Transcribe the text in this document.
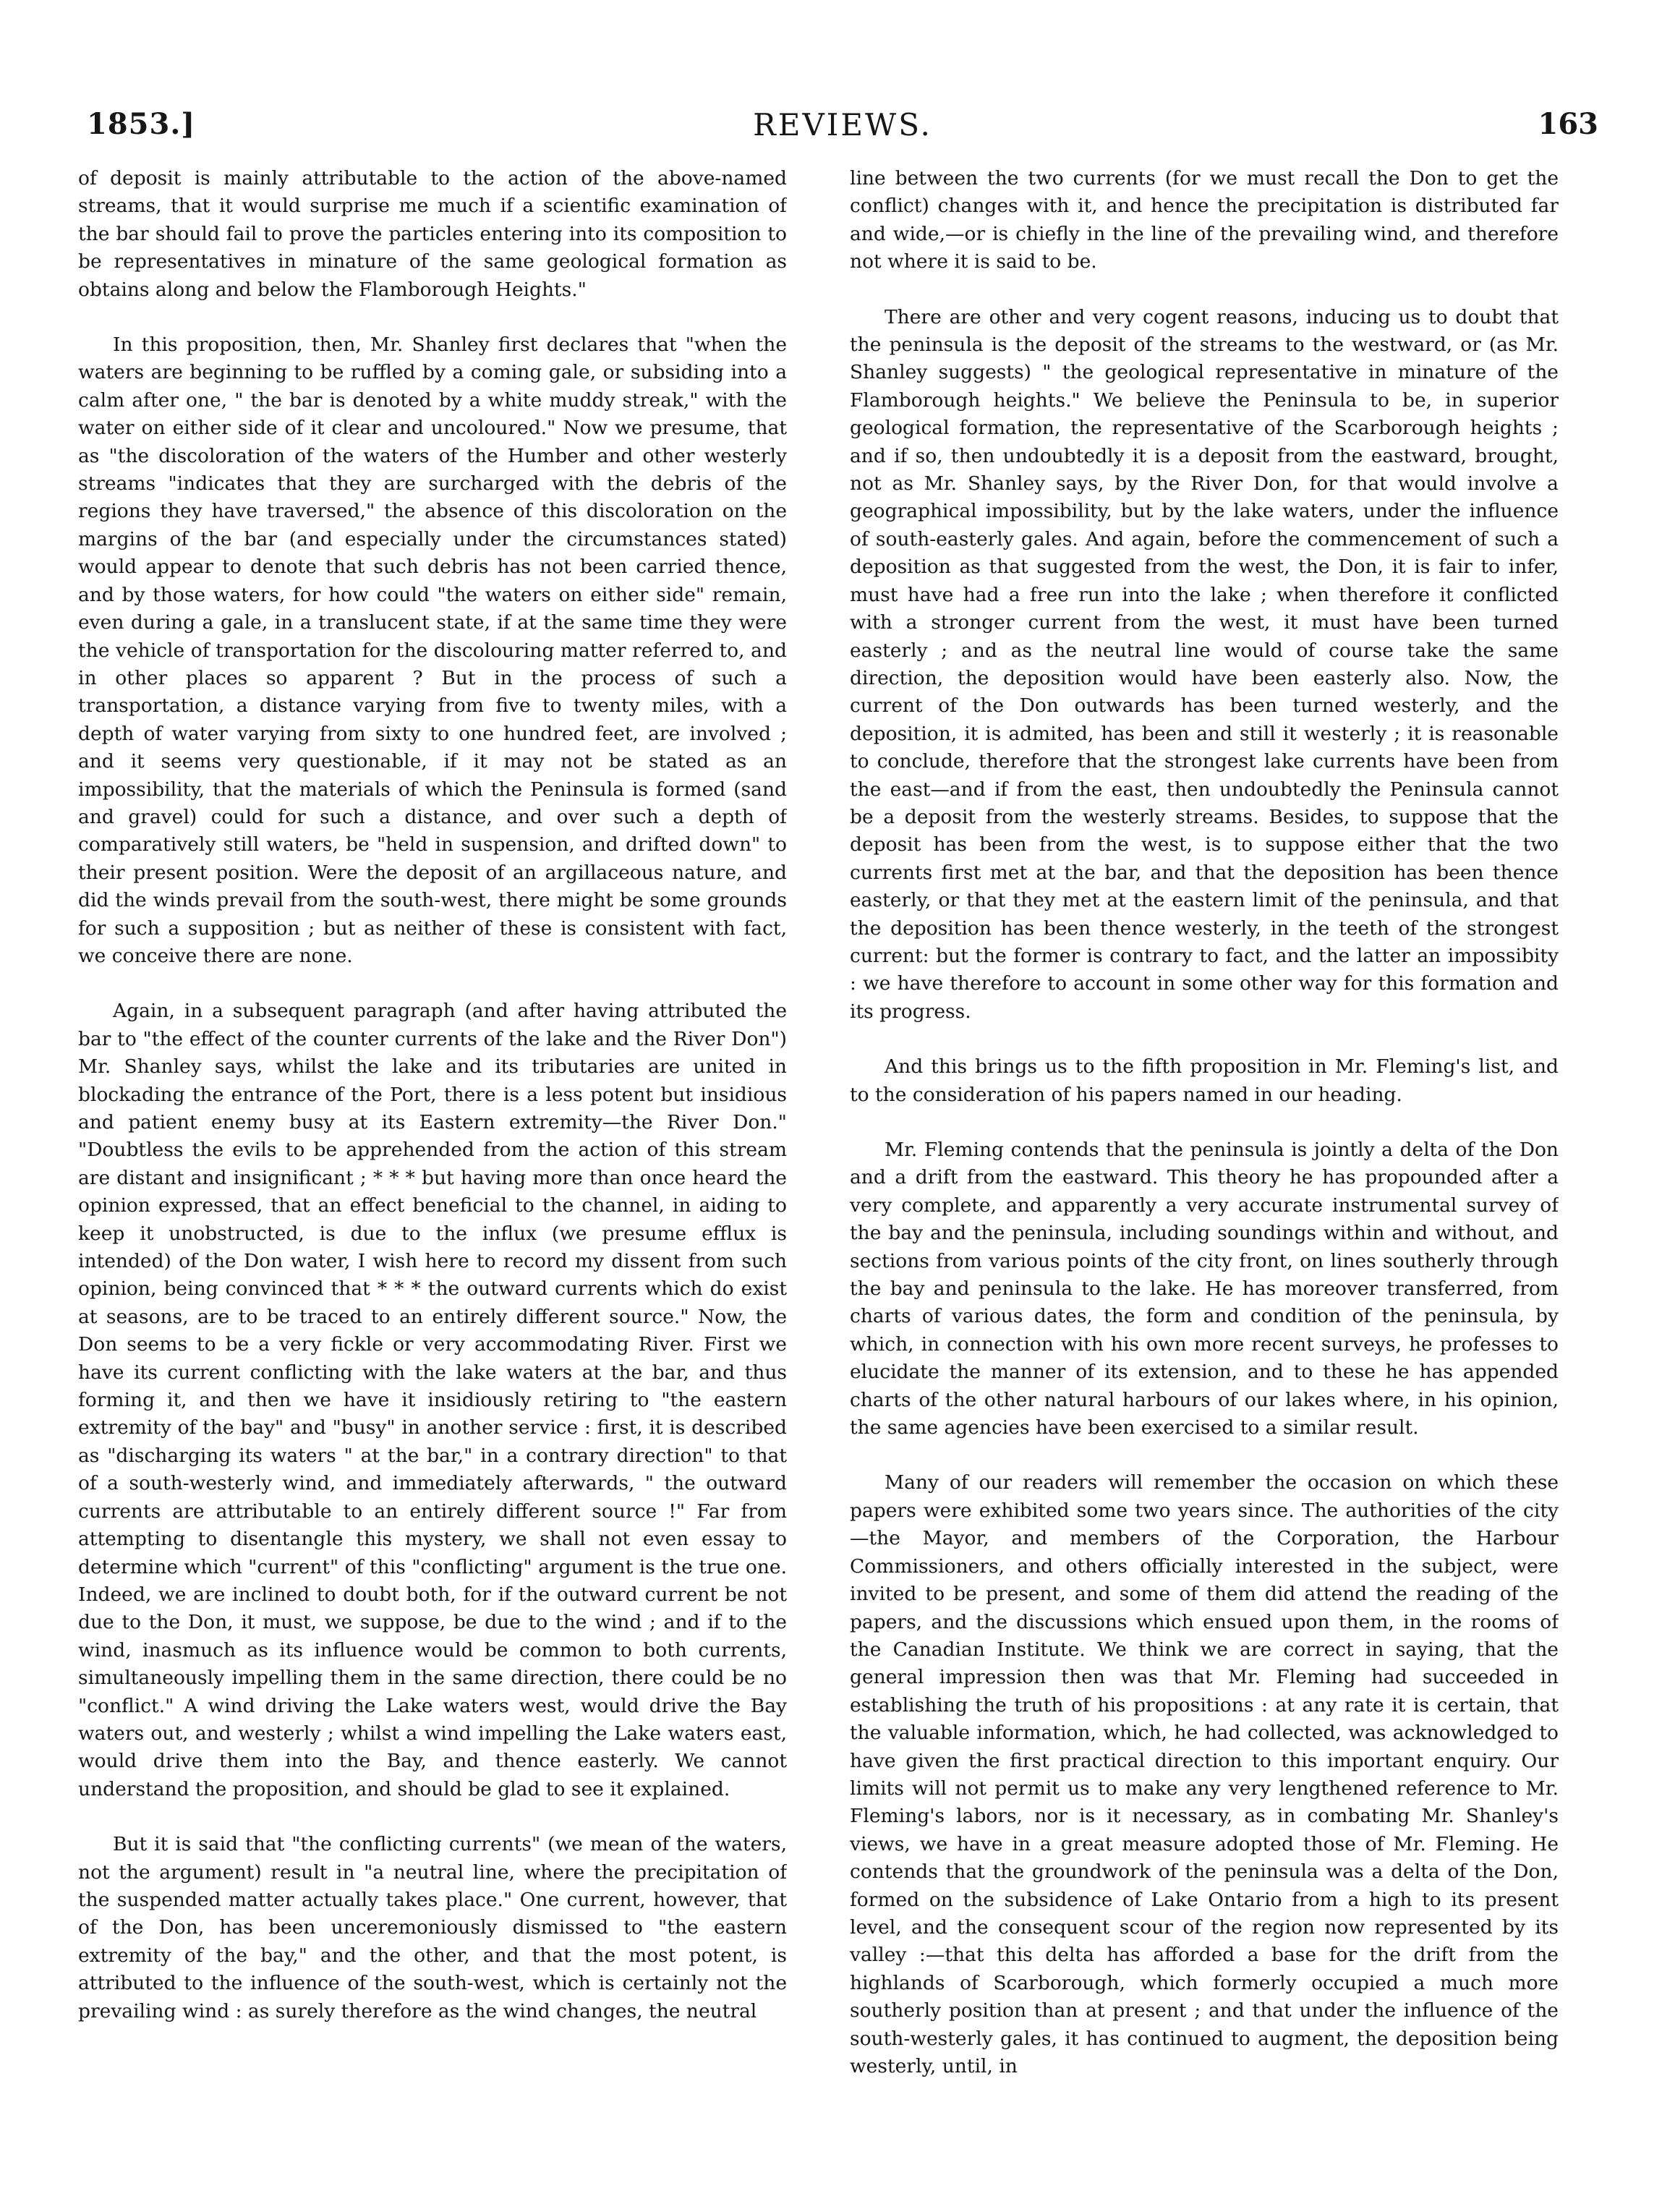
1853.]	REVIEWS.	163

of deposit is mainly attributable to the action of the above-named streams, that it would surprise me much if a scientific examination of the bar should fail to prove the particles entering into its composition to be representatives in minature of the same geological formation as obtains along and below the Flamborough Heights."

In this proposition, then, Mr. Shanley first declares that "when the waters are beginning to be ruffled by a coming gale, or subsiding into a calm after one, " the bar is denoted by a white muddy streak," with the water on either side of it clear and uncoloured." Now we presume, that as "the discoloration of the waters of the Humber and other westerly streams "indicates that they are surcharged with the debris of the regions they have traversed," the absence of this discoloration on the margins of the bar (and especially under the circumstances stated) would appear to denote that such debris has not been carried thence, and by those waters, for how could "the waters on either side" remain, even during a gale, in a translucent state, if at the same time they were the vehicle of transportation for the discolouring matter referred to, and in other places so apparent ? But in the process of such a transportation, a distance varying from five to twenty miles, with a depth of water varying from sixty to one hundred feet, are involved ; and it seems very questionable, if it may not be stated as an impossibility, that the materials of which the Peninsula is formed (sand and gravel) could for such a distance, and over such a depth of comparatively still waters, be "held in suspension, and drifted down" to their present position. Were the deposit of an argillaceous nature, and did the winds prevail from the south-west, there might be some grounds for such a supposition ; but as neither of these is consistent with fact, we conceive there are none.

Again, in a subsequent paragraph (and after having attributed the bar to "the effect of the counter currents of the lake and the River Don") Mr. Shanley says, whilst the lake and its tributaries are united in blockading the entrance of the Port, there is a less potent but insidious and patient enemy busy at its Eastern extremity—the River Don." "Doubtless the evils to be apprehended from the action of this stream are distant and insignificant ; * * * but having more than once heard the opinion expressed, that an effect beneficial to the channel, in aiding to keep it unobstructed, is due to the influx (we presume efflux is intended) of the Don water, I wish here to record my dissent from such opinion, being convinced that * * * the outward currents which do exist at seasons, are to be traced to an entirely different source." Now, the Don seems to be a very fickle or very accommodating River. First we have its current conflicting with the lake waters at the bar, and thus forming it, and then we have it insidiously retiring to "the eastern extremity of the bay" and "busy" in another service : first, it is described as "discharging its waters " at the bar," in a contrary direction" to that of a south-westerly wind, and immediately afterwards, " the outward currents are attributable to an entirely different source !" Far from attempting to disentangle this mystery, we shall not even essay to determine which "current" of this "conflicting" argument is the true one. Indeed, we are inclined to doubt both, for if the outward current be not due to the Don, it must, we suppose, be due to the wind ; and if to the wind, inasmuch as its influence would be common to both currents, simultaneously impelling them in the same direction, there could be no "conflict." A wind driving the Lake waters west, would drive the Bay waters out, and westerly ; whilst a wind impelling the Lake waters east, would drive them into the Bay, and thence easterly. We cannot understand the proposition, and should be glad to see it explained.

But it is said that "the conflicting currents" (we mean of the waters, not the argument) result in "a neutral line, where the precipitation of the suspended matter actually takes place." One current, however, that of the Don, has been unceremoniously dismissed to "the eastern extremity of the bay," and the other, and that the most potent, is attributed to the influence of the south-west, which is certainly not the prevailing wind : as surely therefore as the wind changes, the neutral

line between the two currents (for we must recall the Don to get the conflict) changes with it, and hence the precipitation is distributed far and wide,—or is chiefly in the line of the prevailing wind, and therefore not where it is said to be.

There are other and very cogent reasons, inducing us to doubt that the peninsula is the deposit of the streams to the westward, or (as Mr. Shanley suggests) " the geological representative in minature of the Flamborough heights." We believe the Peninsula to be, in superior geological formation, the representative of the Scarborough heights ; and if so, then undoubtedly it is a deposit from the eastward, brought, not as Mr. Shanley says, by the River Don, for that would involve a geographical impossibility, but by the lake waters, under the influence of south-easterly gales. And again, before the commencement of such a deposition as that suggested from the west, the Don, it is fair to infer, must have had a free run into the lake ; when therefore it conflicted with a stronger current from the west, it must have been turned easterly ; and as the neutral line would of course take the same direction, the deposition would have been easterly also. Now, the current of the Don outwards has been turned westerly, and the deposition, it is admited, has been and still it westerly ; it is reasonable to conclude, therefore that the strongest lake currents have been from the east—and if from the east, then undoubtedly the Peninsula cannot be a deposit from the westerly streams. Besides, to suppose that the deposit has been from the west, is to suppose either that the two currents first met at the bar, and that the deposition has been thence easterly, or that they met at the eastern limit of the peninsula, and that the deposition has been thence westerly, in the teeth of the strongest current: but the former is contrary to fact, and the latter an impossibity : we have therefore to account in some other way for this formation and its progress.

And this brings us to the fifth proposition in Mr. Fleming's list, and to the consideration of his papers named in our heading.

Mr. Fleming contends that the peninsula is jointly a delta of the Don and a drift from the eastward. This theory he has propounded after a very complete, and apparently a very accurate instrumental survey of the bay and the peninsula, including soundings within and without, and sections from various points of the city front, on lines southerly through the bay and peninsula to the lake. He has moreover transferred, from charts of various dates, the form and condition of the peninsula, by which, in connection with his own more recent surveys, he professes to elucidate the manner of its extension, and to these he has appended charts of the other natural harbours of our lakes where, in his opinion, the same agencies have been exercised to a similar result.

Many of our readers will remember the occasion on which these papers were exhibited some two years since. The authorities of the city—the Mayor, and members of the Corporation, the Harbour Commissioners, and others officially interested in the subject, were invited to be present, and some of them did attend the reading of the papers, and the discussions which ensued upon them, in the rooms of the Canadian Institute. We think we are correct in saying, that the general impression then was that Mr. Fleming had succeeded in establishing the truth of his propositions : at any rate it is certain, that the valuable information, which, he had collected, was acknowledged to have given the first practical direction to this important enquiry. Our limits will not permit us to make any very lengthened reference to Mr. Fleming's labors, nor is it necessary, as in combating Mr. Shanley's views, we have in a great measure adopted those of Mr. Fleming. He contends that the groundwork of the peninsula was a delta of the Don, formed on the subsidence of Lake Ontario from a high to its present level, and the consequent scour of the region now represented by its valley :—that this delta has afforded a base for the drift from the highlands of Scarborough, which formerly occupied a much more southerly position than at present ; and that under the influence of the south-westerly gales, it has continued to augment, the deposition being westerly, until, in
